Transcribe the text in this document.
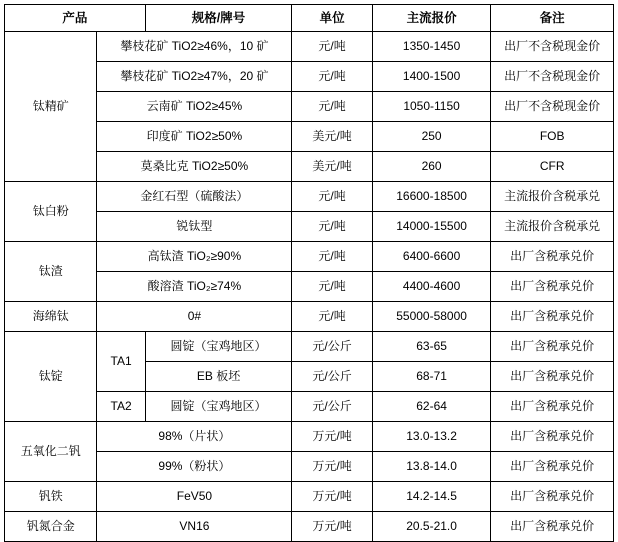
产品		规格/牌号	单位	主流报价	备注
钛精矿	攀枝花矿 TiO2≥46%，10 矿		元/吨	1350-1450	出厂不含税现金价
	攀枝花矿 TiO2≥47%，20 矿		元/吨	1400-1500	出厂不含税现金价
	云南矿 TiO2≥45%		元/吨	1050-1150	出厂不含税现金价
	印度矿 TiO2≥50%		美元/吨	250	FOB
	莫桑比克 TiO2≥50%		美元/吨	260	CFR
钛白粉	金红石型（硫酸法）		元/吨	16600-18500	主流报价含税承兑
	锐钛型		元/吨	14000-15500	主流报价含税承兑
钛渣	高钛渣 TiO₂≥90%		元/吨	6400-6600	出厂含税承兑价
	酸溶渣 TiO₂≥74%		元/吨	4400-4600	出厂含税承兑价
海绵钛	0#		元/吨	55000-58000	出厂含税承兑价
钛锭	TA1	圆锭（宝鸡地区）	元/公斤	63-65	出厂含税承兑价
		EB 板坯	元/公斤	68-71	出厂含税承兑价
	TA2	圆锭（宝鸡地区）	元/公斤	62-64	出厂含税承兑价
五氧化二钒	98%（片状）		万元/吨	13.0-13.2	出厂含税承兑价
	99%（粉状）		万元/吨	13.8-14.0	出厂含税承兑价
钒铁	FeV50		万元/吨	14.2-14.5	出厂含税承兑价
钒氮合金	VN16		万元/吨	20.5-21.0	出厂含税承兑价
